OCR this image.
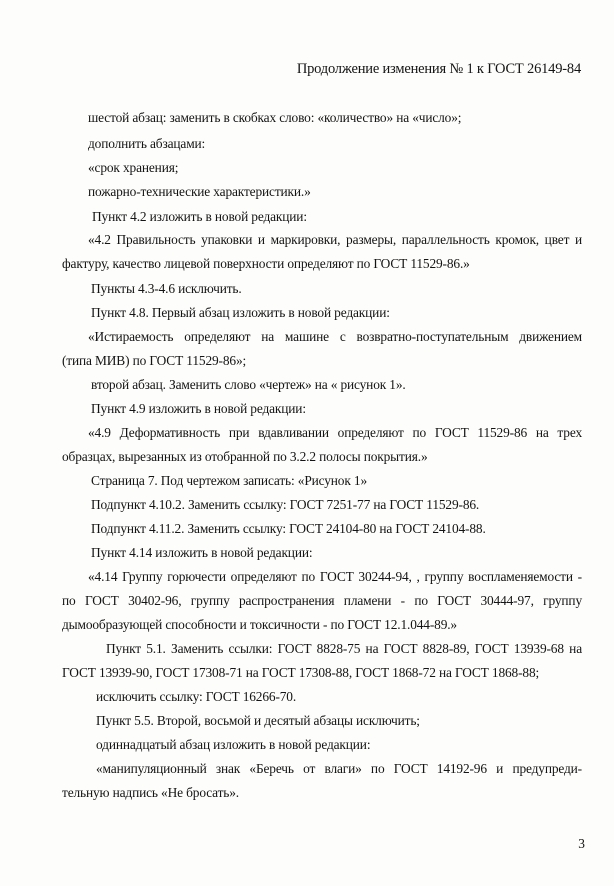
Продолжение изменения № 1 к ГОСТ 26149-84
шестой абзац: заменить в скобках слово: «количество» на «число»;
дополнить абзацами:
«срок хранения;
пожарно-технические характеристики.»
Пункт 4.2 изложить в новой редакции:
«4.2 Правильность упаковки и маркировки, размеры, параллельность кромок, цвет и
фактуру, качество лицевой поверхности определяют по ГОСТ 11529-86.»
Пункты 4.3-4.6 исключить.
Пункт 4.8. Первый абзац изложить в новой редакции:
«Истираемость определяют на машине с возвратно-поступательным движением
(типа МИВ) по ГОСТ 11529-86»;
второй абзац. Заменить слово «чертеж» на « рисунок 1».
Пункт 4.9 изложить в новой редакции:
«4.9 Деформативность при вдавливании определяют по ГОСТ 11529-86 на трех
образцах, вырезанных из отобранной по 3.2.2 полосы покрытия.»
Страница 7. Под чертежом записать: «Рисунок 1»
Подпункт 4.10.2. Заменить ссылку: ГОСТ 7251-77 на ГОСТ 11529-86.
Подпункт 4.11.2. Заменить ссылку: ГОСТ 24104-80 на ГОСТ 24104-88.
Пункт 4.14 изложить в новой редакции:
«4.14 Группу горючести определяют по ГОСТ 30244-94, , группу воспламеняемости -
по ГОСТ 30402-96, группу распространения пламени - по ГОСТ 30444-97, группу
дымообразующей способности и токсичности - по ГОСТ 12.1.044-89.»
Пункт 5.1. Заменить ссылки: ГОСТ 8828-75 на ГОСТ 8828-89, ГОСТ 13939-68 на
ГОСТ 13939-90, ГОСТ 17308-71 на ГОСТ 17308-88, ГОСТ 1868-72 на ГОСТ 1868-88;
исключить ссылку: ГОСТ 16266-70.
Пункт 5.5. Второй, восьмой и десятый абзацы исключить;
одиннадцатый абзац изложить в новой редакции:
«манипуляционный знак «Беречь от влаги» по ГОСТ 14192-96 и предупреди-
тельную надпись «Не бросать».
3
